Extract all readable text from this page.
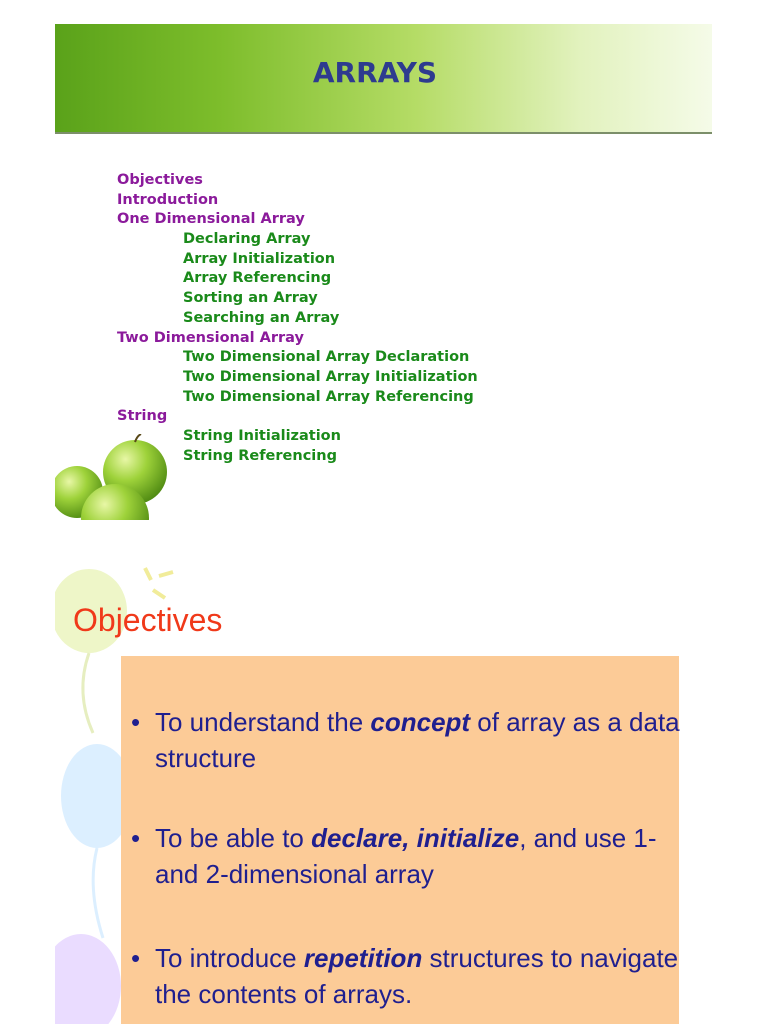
ARRAYS
Objectives
Introduction
One Dimensional Array
Declaring Array
Array Initialization
Array Referencing
Sorting an Array
Searching an Array
Two Dimensional Array
Two Dimensional Array Declaration
Two Dimensional Array Initialization
Two Dimensional Array Referencing
String
String Initialization
String Referencing
Objectives
• To understand the concept of array as a data structure
• To be able to declare, initialize, and use 1- and 2-dimensional array
• To introduce repetition structures to navigate the contents of arrays.
